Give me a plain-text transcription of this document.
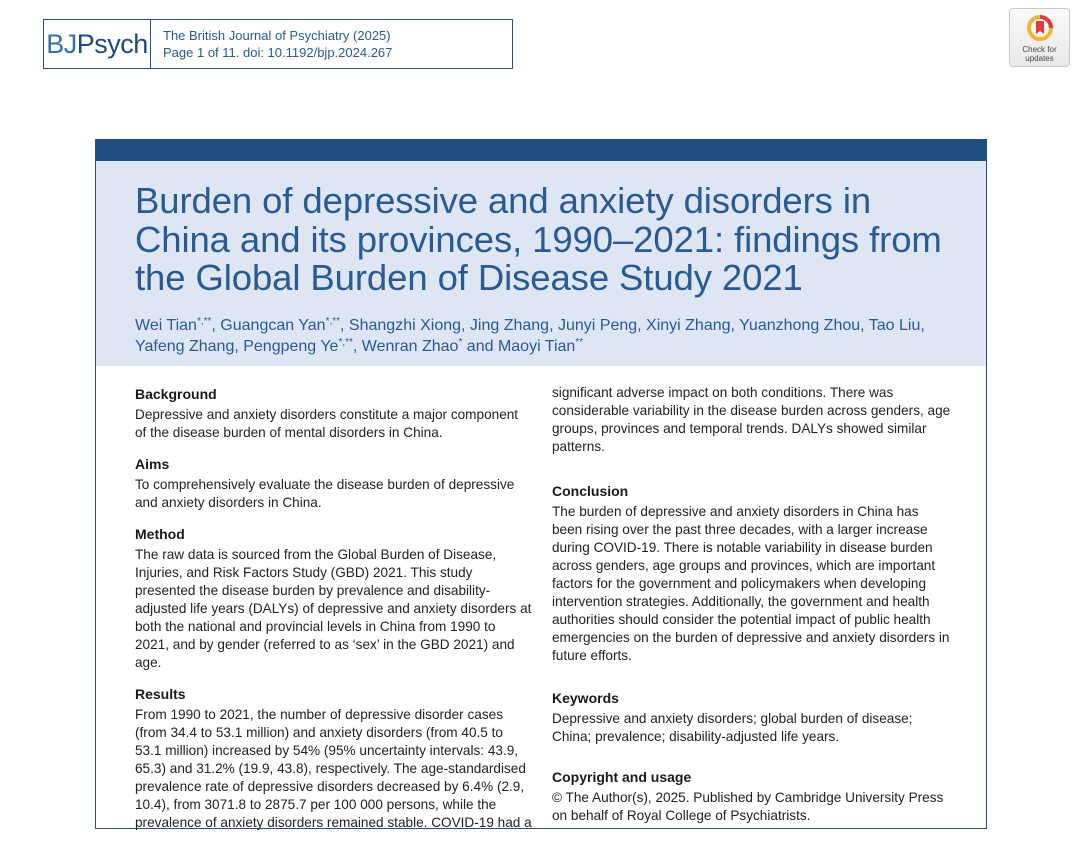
BJ Psych The British Journal of Psychiatry (2025)
Page 1 of 11. doi: 10.1192/bjp.2024.267	Check for
updates
Burden of depressive and anxiety disorders in China and its provinces, 1990–2021: findings from the Global Burden of Disease Study 2021

Wei Tian*,**, Guangcan Yan*,**, Shangzhi Xiong, Jing Zhang, Junyi Peng, Xinyi Zhang, Yuanzhong Zhou, Tao Liu, Yafeng Zhang, Pengpeng Ye*,**, Wenran Zhao* and Maoyi Tian**

Background

Depressive and anxiety disorders constitute a major component of the disease burden of mental disorders in China.

Aims

To comprehensively evaluate the disease burden of depressive and anxiety disorders in China.

Method

The raw data is sourced from the Global Burden of Disease, Injuries, and Risk Factors Study (GBD) 2021. This study presented the disease burden by prevalence and disability-adjusted life years (DALYs) of depressive and anxiety disorders at both the national and provincial levels in China from 1990 to 2021, and by gender (referred to as ‘sex’ in the GBD 2021) and age.

Results

From 1990 to 2021, the number of depressive disorder cases (from 34.4 to 53.1 million) and anxiety disorders (from 40.5 to 53.1 million) increased by 54% (95% uncertainty intervals: 43.9, 65.3) and 31.2% (19.9, 43.8), respectively. The age-standardised prevalence rate of depressive disorders decreased by 6.4% (2.9, 10.4), from 3071.8 to 2875.7 per 100 000 persons, while the prevalence of anxiety disorders remained stable. COVID-19 had a

significant adverse impact on both conditions. There was considerable variability in the disease burden across genders, age groups, provinces and temporal trends. DALYs showed similar patterns.

Conclusion

The burden of depressive and anxiety disorders in China has been rising over the past three decades, with a larger increase during COVID-19. There is notable variability in disease burden across genders, age groups and provinces, which are important factors for the government and policymakers when developing intervention strategies. Additionally, the government and health authorities should consider the potential impact of public health emergencies on the burden of depressive and anxiety disorders in future efforts.

Keywords

Depressive and anxiety disorders; global burden of disease; China; prevalence; disability-adjusted life years.

Copyright and usage

© The Author(s), 2025. Published by Cambridge University Press on behalf of Royal College of Psychiatrists.
